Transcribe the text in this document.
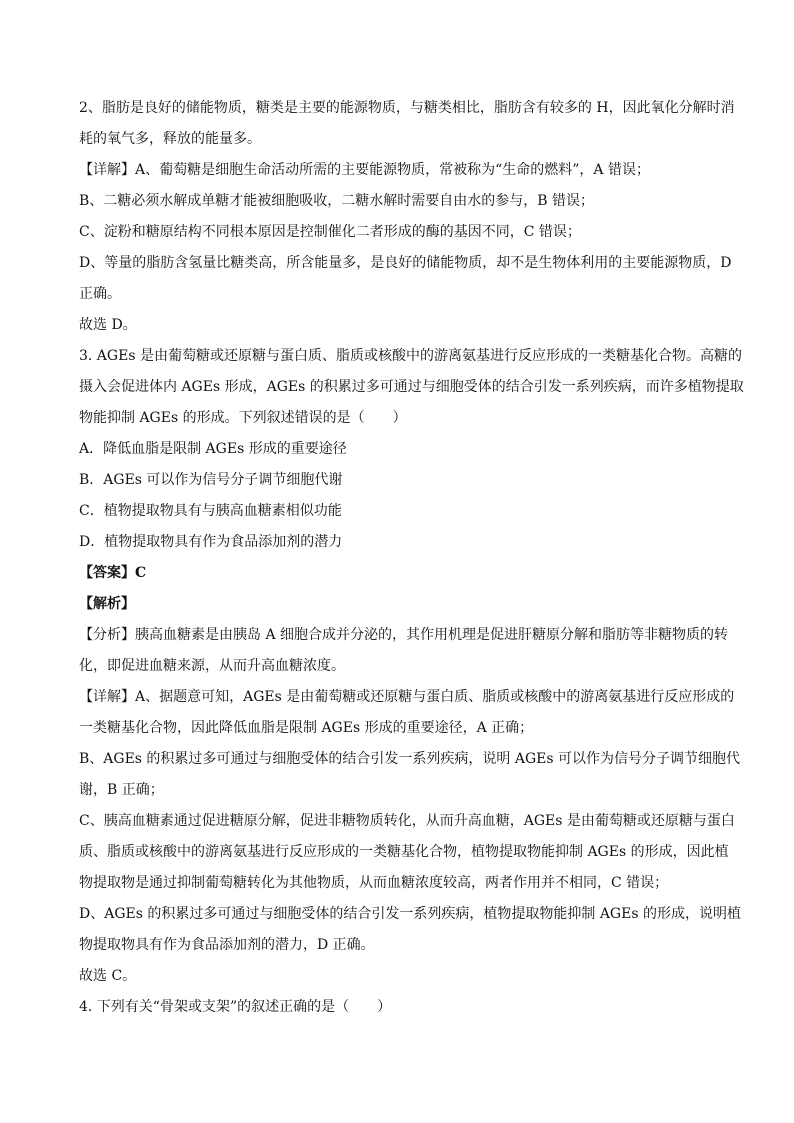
2、脂肪是良好的储能物质，糖类是主要的能源物质，与糖类相比，脂肪含有较多的 H，因此氧化分解时消

耗的氧气多，释放的能量多。

【详解】A、葡萄糖是细胞生命活动所需的主要能源物质，常被称为“生命的燃料”，A 错误；

B、二糖必须水解成单糖才能被细胞吸收，二糖水解时需要自由水的参与，B 错误；

C、淀粉和糖原结构不同根本原因是控制催化二者形成的酶的基因不同，C 错误；

D、等量的脂肪含氢量比糖类高，所含能量多，是良好的储能物质，却不是生物体利用的主要能源物质，D

正确。

故选 D。

3. AGEs 是由葡萄糖或还原糖与蛋白质、脂质或核酸中的游离氨基进行反应形成的一类糖基化合物。高糖的

摄入会促进体内 AGEs 形成，AGEs 的积累过多可通过与细胞受体的结合引发一系列疾病，而许多植物提取

物能抑制 AGEs 的形成。下列叙述错误的是（　　）

A．降低血脂是限制 AGEs 形成的重要途径

B．AGEs 可以作为信号分子调节细胞代谢

C．植物提取物具有与胰高血糖素相似功能

D．植物提取物具有作为食品添加剂的潜力

【答案】C

【解析】

【分析】胰高血糖素是由胰岛 A 细胞合成并分泌的，其作用机理是促进肝糖原分解和脂肪等非糖物质的转

化，即促进血糖来源，从而升高血糖浓度。

【详解】A、据题意可知，AGEs 是由葡萄糖或还原糖与蛋白质、脂质或核酸中的游离氨基进行反应形成的

一类糖基化合物，因此降低血脂是限制 AGEs 形成的重要途径，A 正确；

B、AGEs 的积累过多可通过与细胞受体的结合引发一系列疾病，说明 AGEs 可以作为信号分子调节细胞代

谢，B 正确；

C、胰高血糖素通过促进糖原分解，促进非糖物质转化，从而升高血糖，AGEs 是由葡萄糖或还原糖与蛋白

质、脂质或核酸中的游离氨基进行反应形成的一类糖基化合物，植物提取物能抑制 AGEs 的形成，因此植

物提取物是通过抑制葡萄糖转化为其他物质，从而血糖浓度较高，两者作用并不相同，C 错误；

D、AGEs 的积累过多可通过与细胞受体的结合引发一系列疾病，植物提取物能抑制 AGEs 的形成，说明植

物提取物具有作为食品添加剂的潜力，D 正确。

故选 C。

4. 下列有关“骨架或支架”的叙述正确的是（　　）
